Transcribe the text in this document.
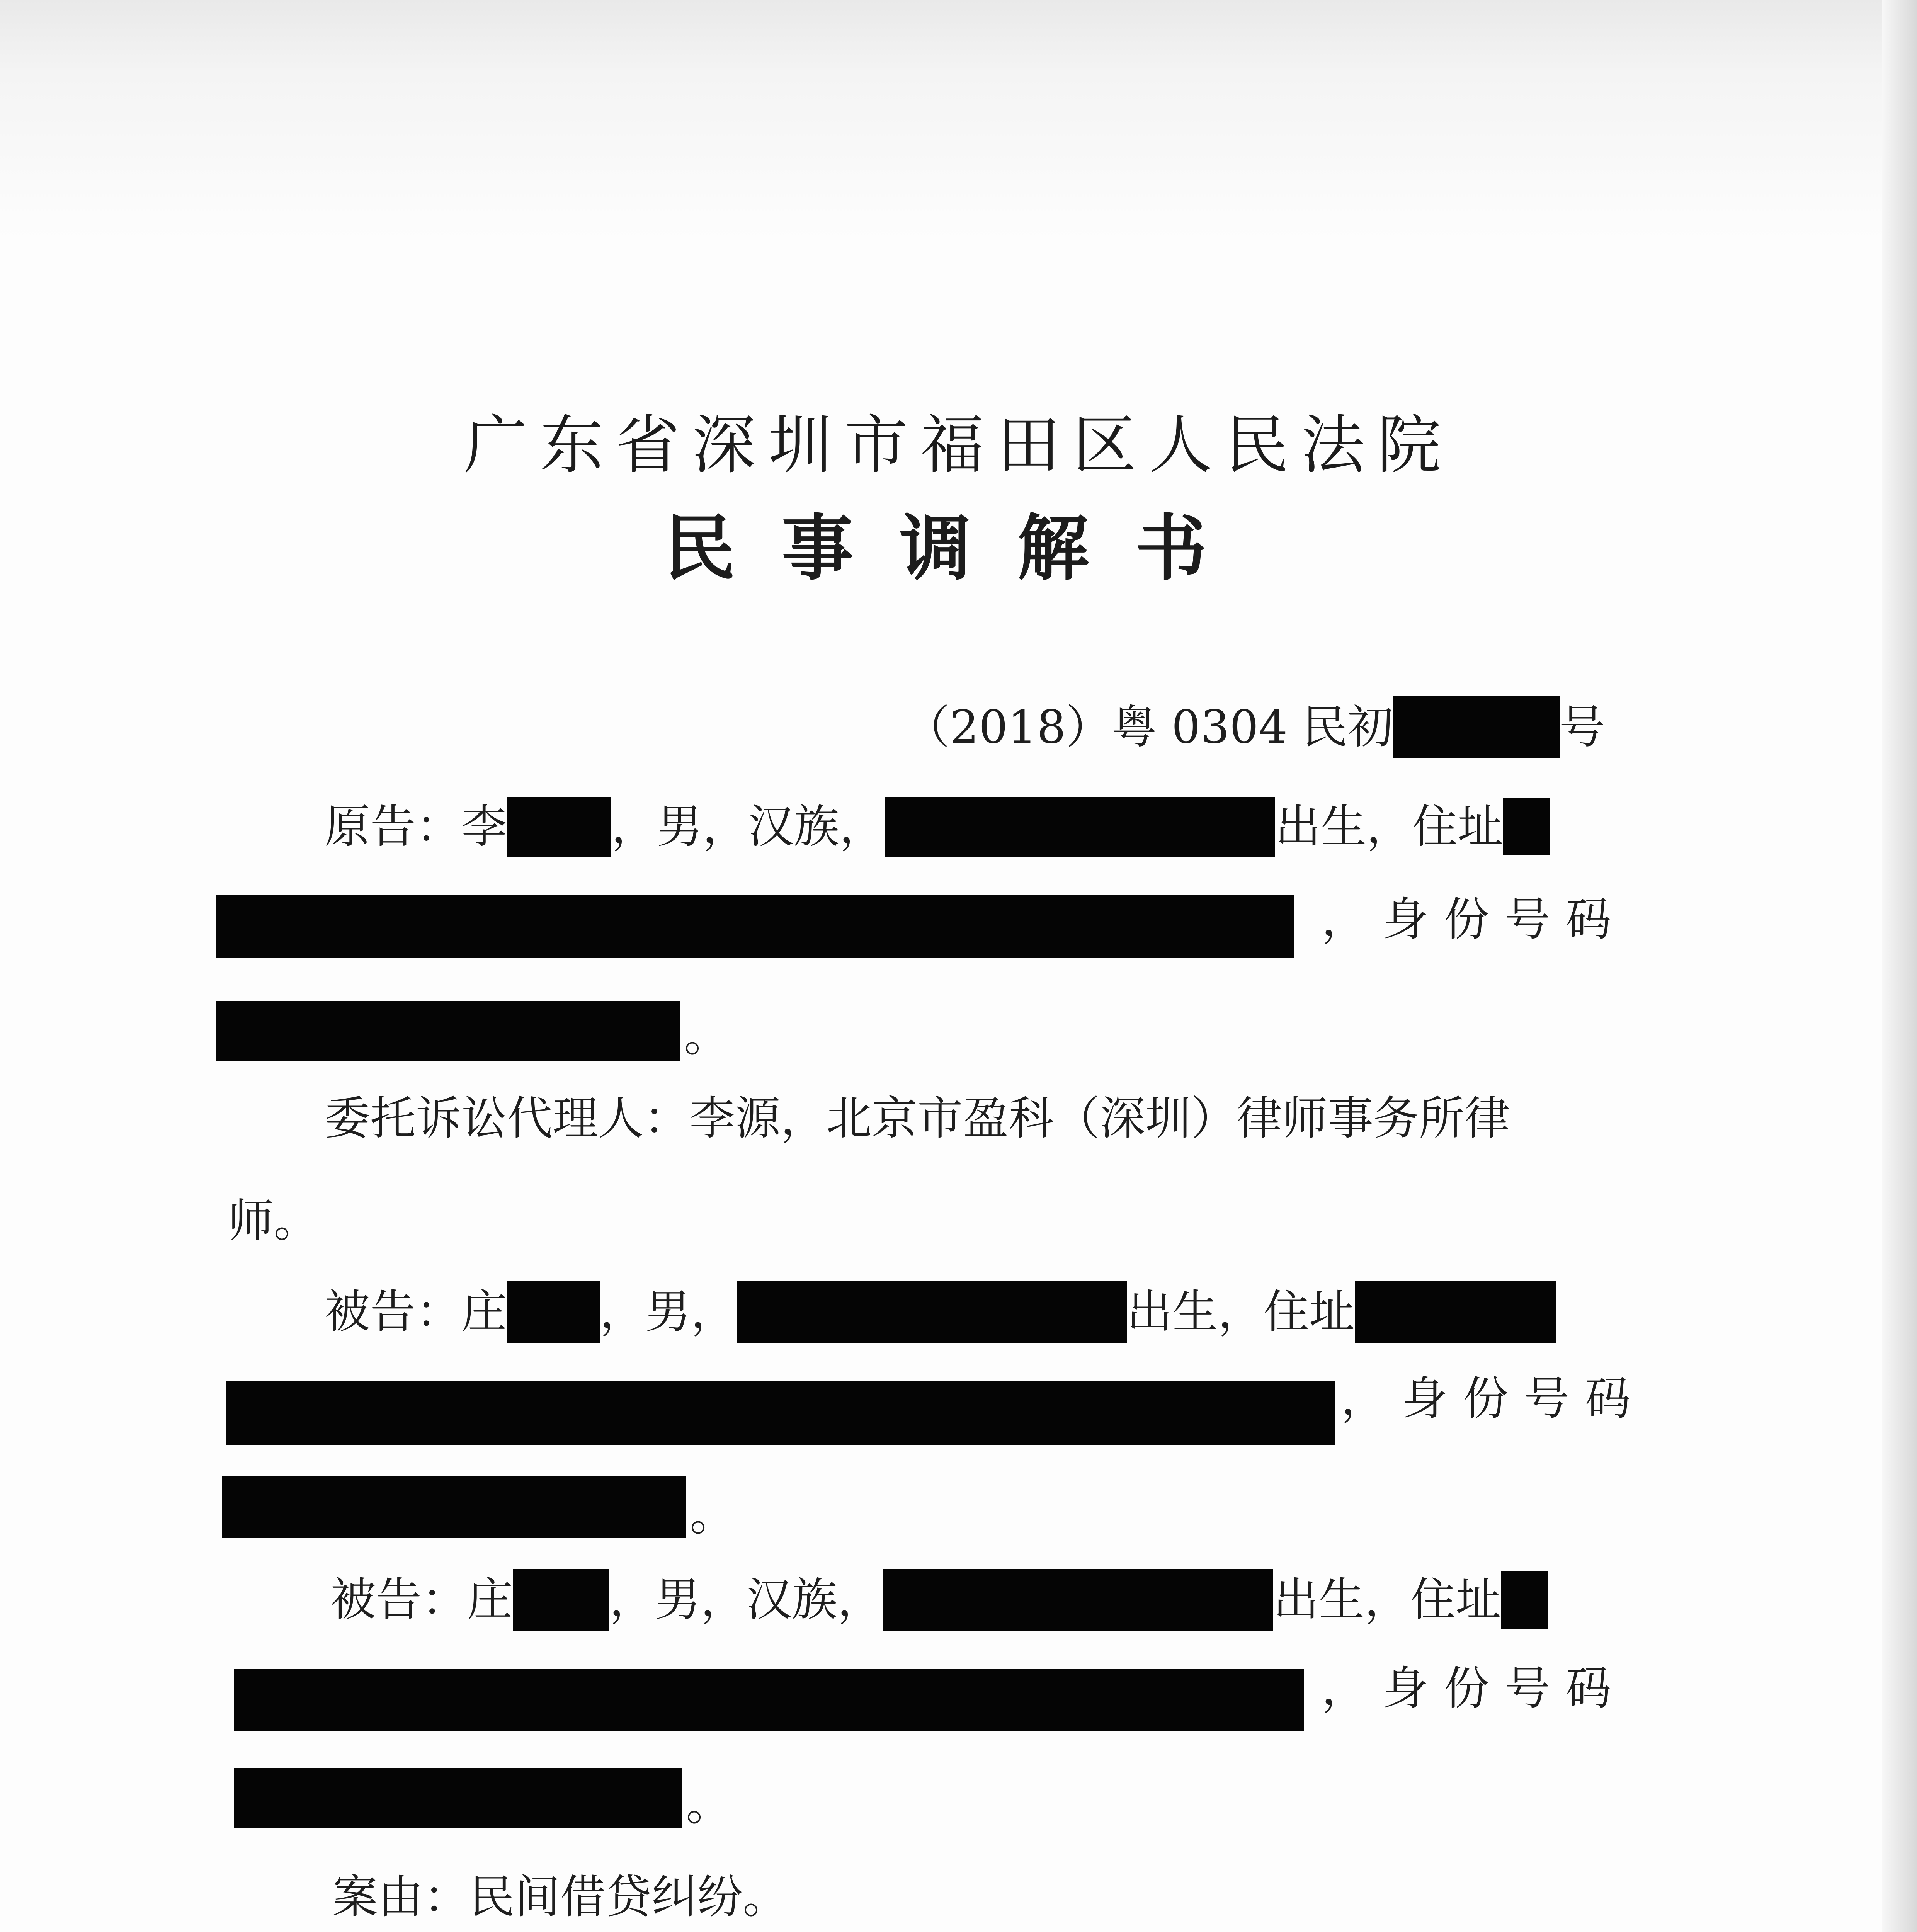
广东省深圳市福田区人民法院
民事调解书
（2018）粤 0304 民初	号
原告：李 ，男，汉族，	出生，住址
，身份号码
。
委托诉讼代理人：李源，北京市盈科（深圳）律师事务所律
师。
被告：庄 ，男，	出生，住址
，身份号码
。
被告：庄 ，男，汉族，	出生，住址
，身份号码
。
案由：民间借贷纠纷。
